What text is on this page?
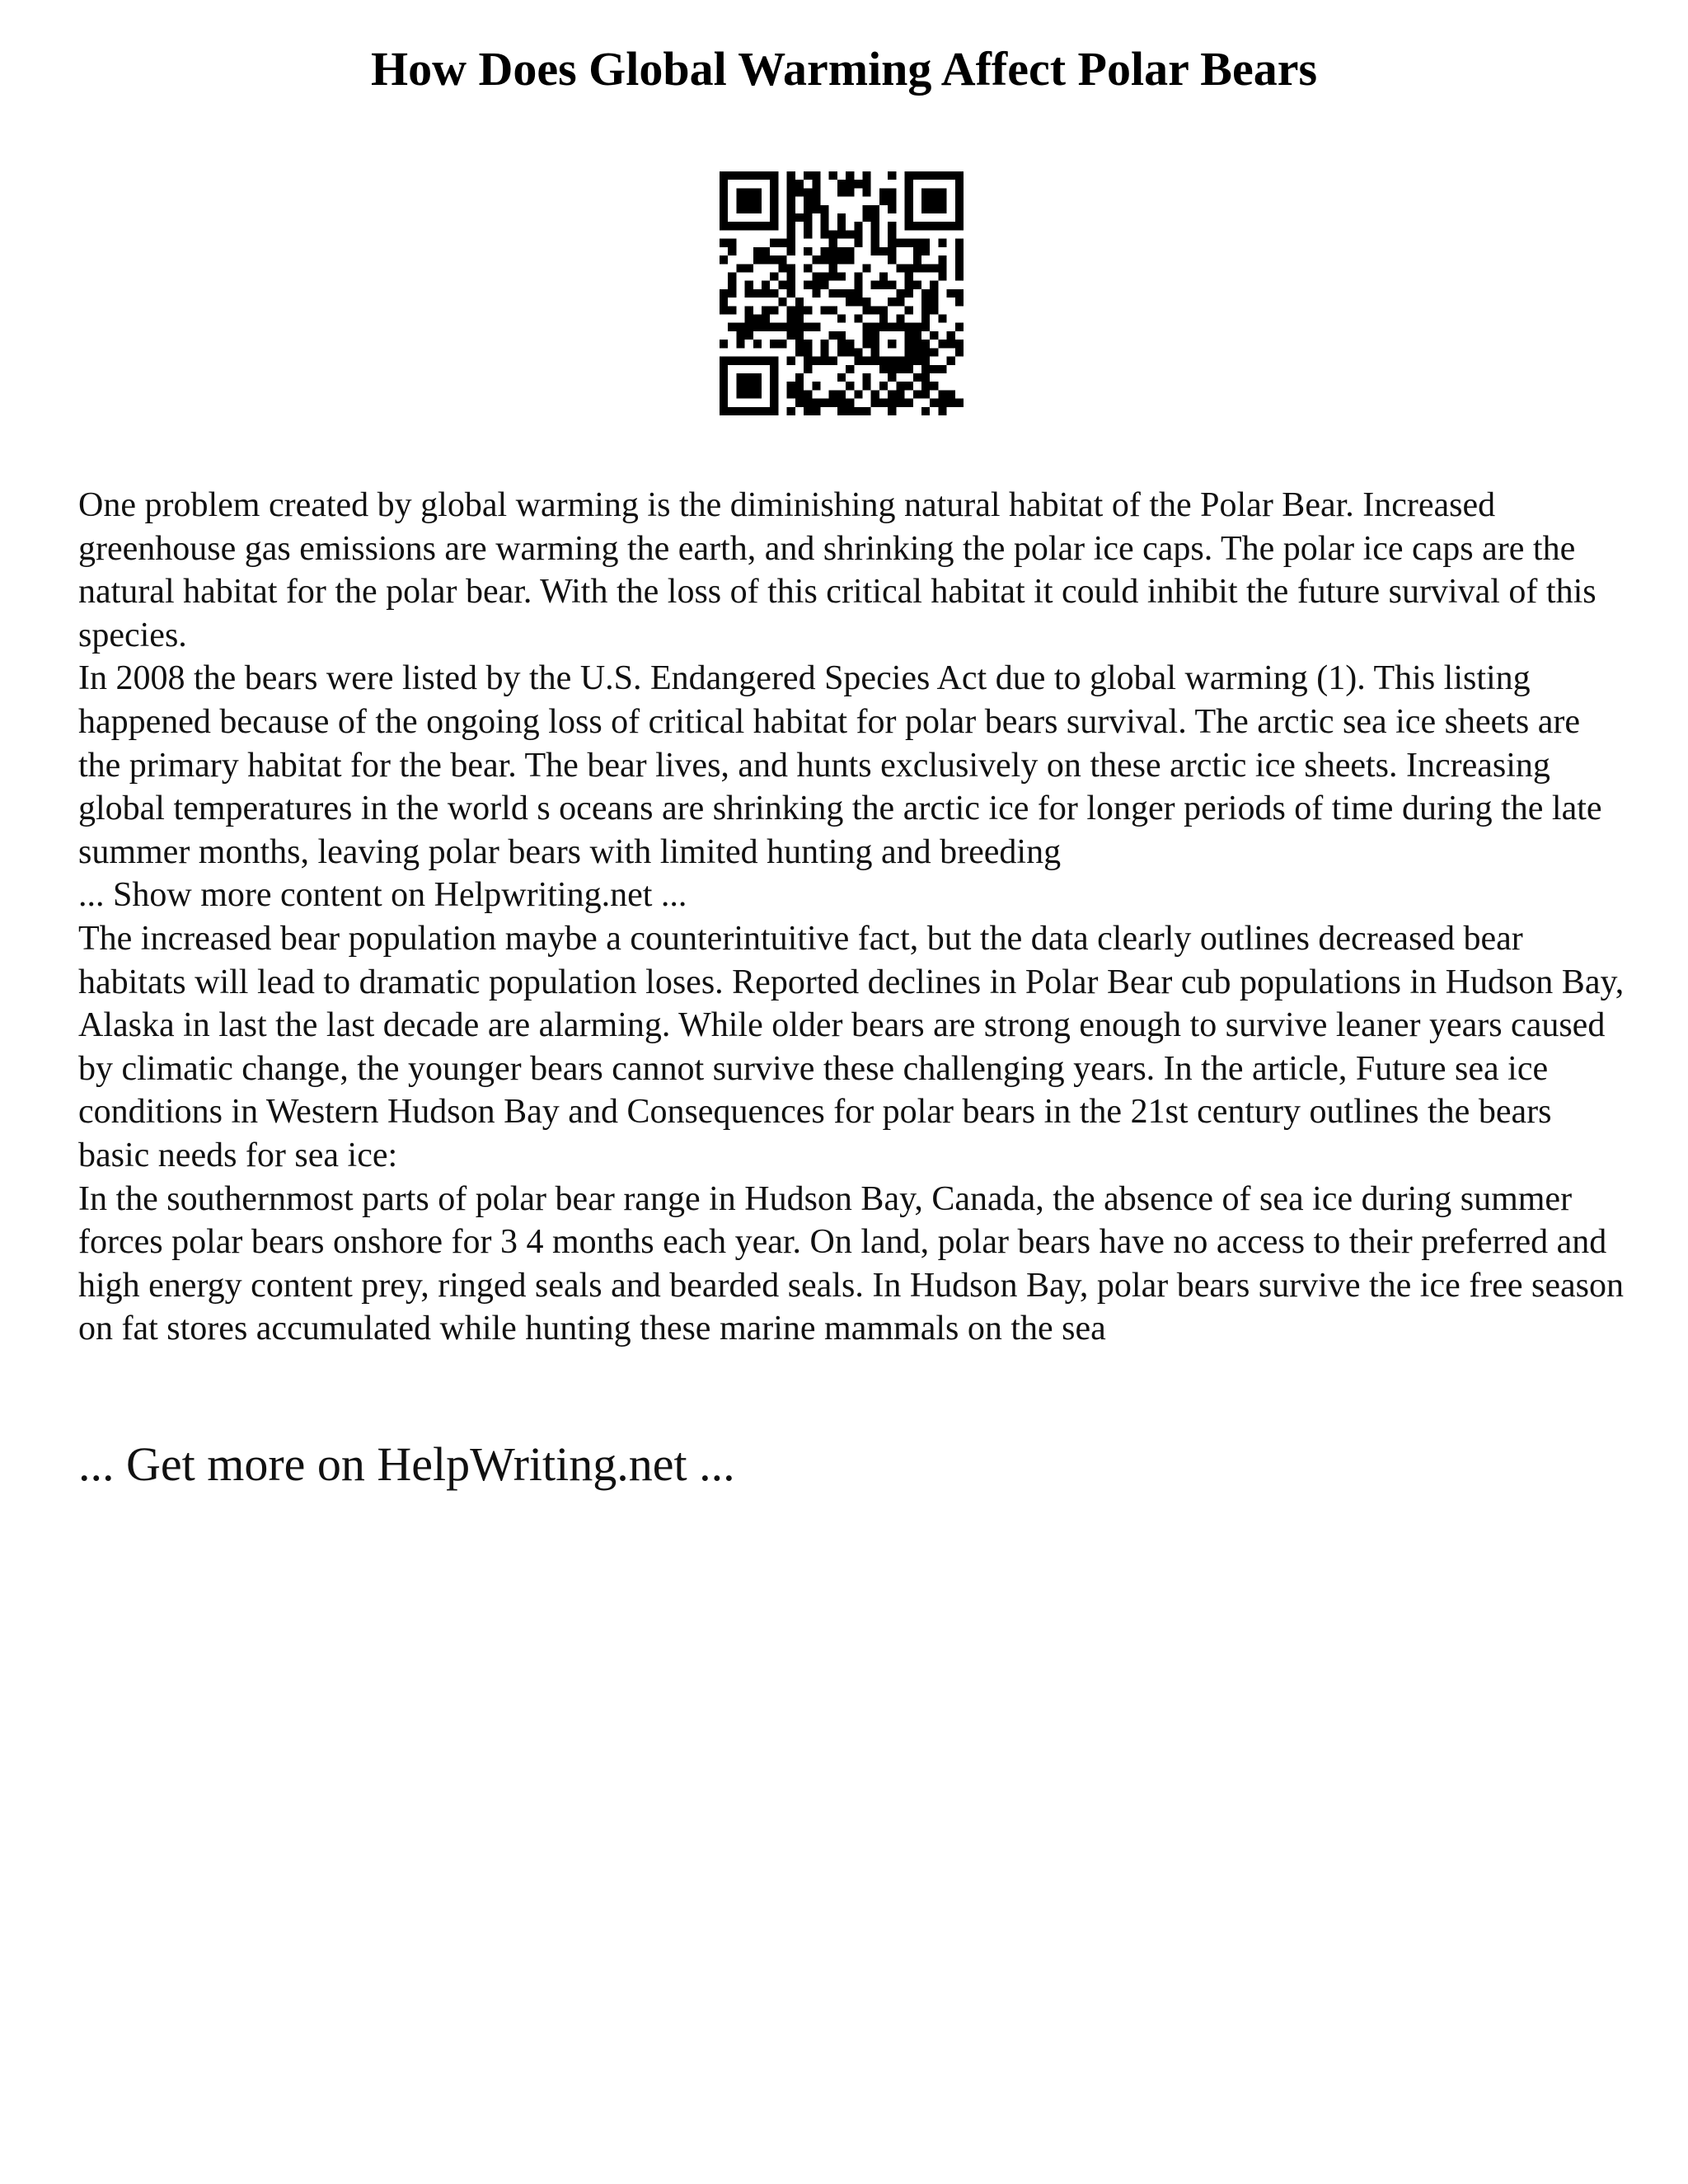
How Does Global Warming Affect Polar Bears

One problem created by global warming is the diminishing natural habitat of the Polar Bear. Increased greenhouse gas emissions are warming the earth, and shrinking the polar ice caps. The polar ice caps are the natural habitat for the polar bear. With the loss of this critical habitat it could inhibit the future survival of this species.

In 2008 the bears were listed by the U.S. Endangered Species Act due to global warming (1). This listing happened because of the ongoing loss of critical habitat for polar bears survival. The arctic sea ice sheets are the primary habitat for the bear. The bear lives, and hunts exclusively on these arctic ice sheets. Increasing global temperatures in the world s oceans are shrinking the arctic ice for longer periods of time during the late summer months, leaving polar bears with limited hunting and breeding

... Show more content on Helpwriting.net ...

The increased bear population maybe a counterintuitive fact, but the data clearly outlines decreased bear habitats will lead to dramatic population loses. Reported declines in Polar Bear cub populations in Hudson Bay, Alaska in last the last decade are alarming. While older bears are strong enough to survive leaner years caused by climatic change, the younger bears cannot survive these challenging years. In the article, Future sea ice conditions in Western Hudson Bay and Consequences for polar bears in the 21st century outlines the bears basic needs for sea ice:

In the southernmost parts of polar bear range in Hudson Bay, Canada, the absence of sea ice during summer forces polar bears onshore for 3 4 months each year. On land, polar bears have no access to their preferred and high energy content prey, ringed seals and bearded seals. In Hudson Bay, polar bears survive the ice free season on fat stores accumulated while hunting these marine mammals on the sea

... Get more on HelpWriting.net ...
